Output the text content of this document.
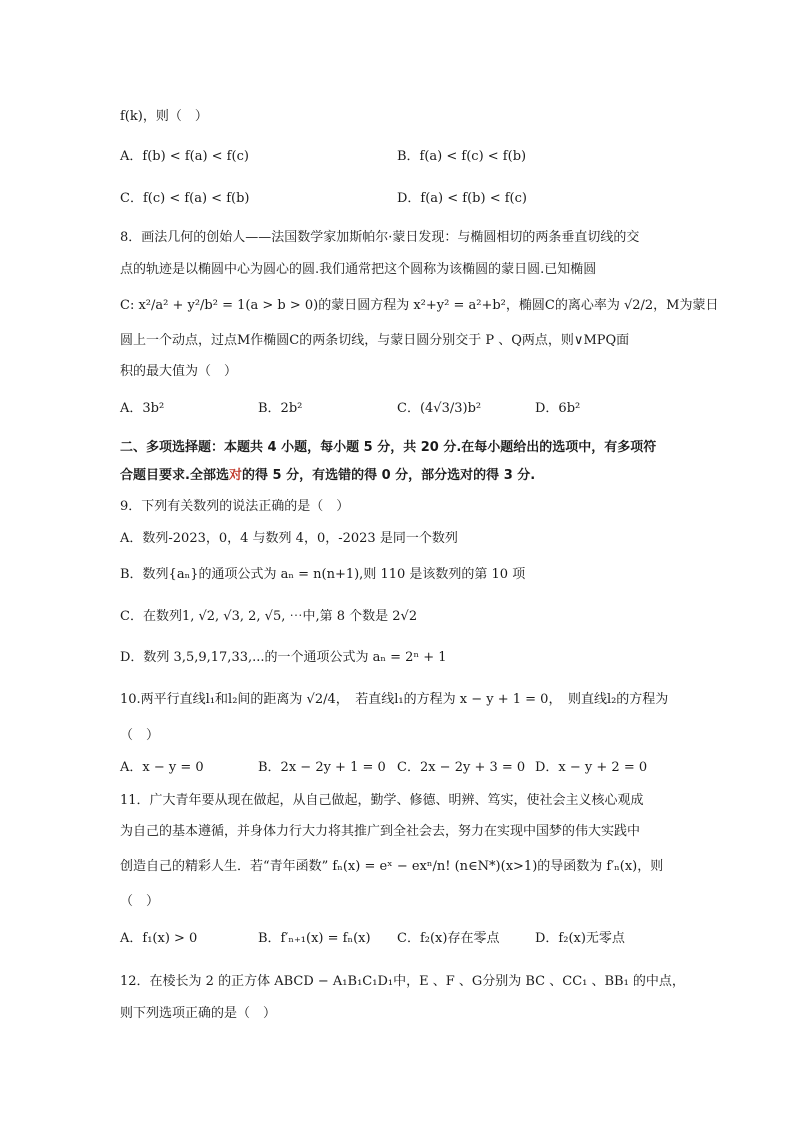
f(k)，则（　）
A．f(b) < f(a) < f(c)	B．f(a) < f(c) < f(b)
C．f(c) < f(a) < f(b)	D．f(a) < f(b) < f(c)
8．画法几何的创始人——法国数学家加斯帕尔·蒙日发现：与椭圆相切的两条垂直切线的交
点的轨迹是以椭圆中心为圆心的圆.我们通常把这个圆称为该椭圆的蒙日圆.已知椭圆
C: x²/a² + y²/b² = 1(a > b > 0)的蒙日圆方程为 x²+y² = a²+b²，椭圆C的离心率为 √2/2，M为蒙日
圆上一个动点，过点M作椭圆C的两条切线，与蒙日圆分别交于 P 、Q两点，则∨MPQ面
积的最大值为（　）
A．3b²	B．2b²	C．(4√3/3)b²	D．6b²
二、多项选择题：本题共 4 小题，每小题 5 分，共 20 分.在每小题给出的选项中，有多项符
合题目要求.全部选对的得 5 分，有选错的得 0 分，部分选对的得 3 分.
9．下列有关数列的说法正确的是（　）
A．数列-2023，0，4 与数列 4，0，-2023 是同一个数列
B．数列{aₙ}的通项公式为 aₙ = n(n+1),则 110 是该数列的第 10 项
C．在数列1, √2, √3, 2, √5, ⋯中,第 8 个数是 2√2
D．数列 3,5,9,17,33,...的一个通项公式为 aₙ = 2ⁿ + 1
10.两平行直线l₁和l₂间的距离为 √2/4，　若直线l₁的方程为 x − y + 1 = 0，　则直线l₂的方程为
（　）
A．x − y = 0	B．2x − 2y + 1 = 0 C．2x − 2y + 3 = 0 D．x − y + 2 = 0
11．广大青年要从现在做起，从自己做起，勤学、修德、明辨、笃实，使社会主义核心观成
为自己的基本遵循，并身体力行大力将其推广到全社会去，努力在实现中国梦的伟大实践中
创造自己的精彩人生．若“青年函数” fₙ(x) = eˣ − exⁿ/n! (n∈N*)(x>1)的导函数为 f′ₙ(x)，则
（　）
A．f₁(x) > 0	B．f′ₙ₊₁(x) = fₙ(x) C．f₂(x)存在零点	D．f₂(x)无零点
12．在棱长为 2 的正方体 ABCD − A₁B₁C₁D₁中，E 、F 、G分别为 BC 、CC₁ 、BB₁ 的中点，
则下列选项正确的是（　）
